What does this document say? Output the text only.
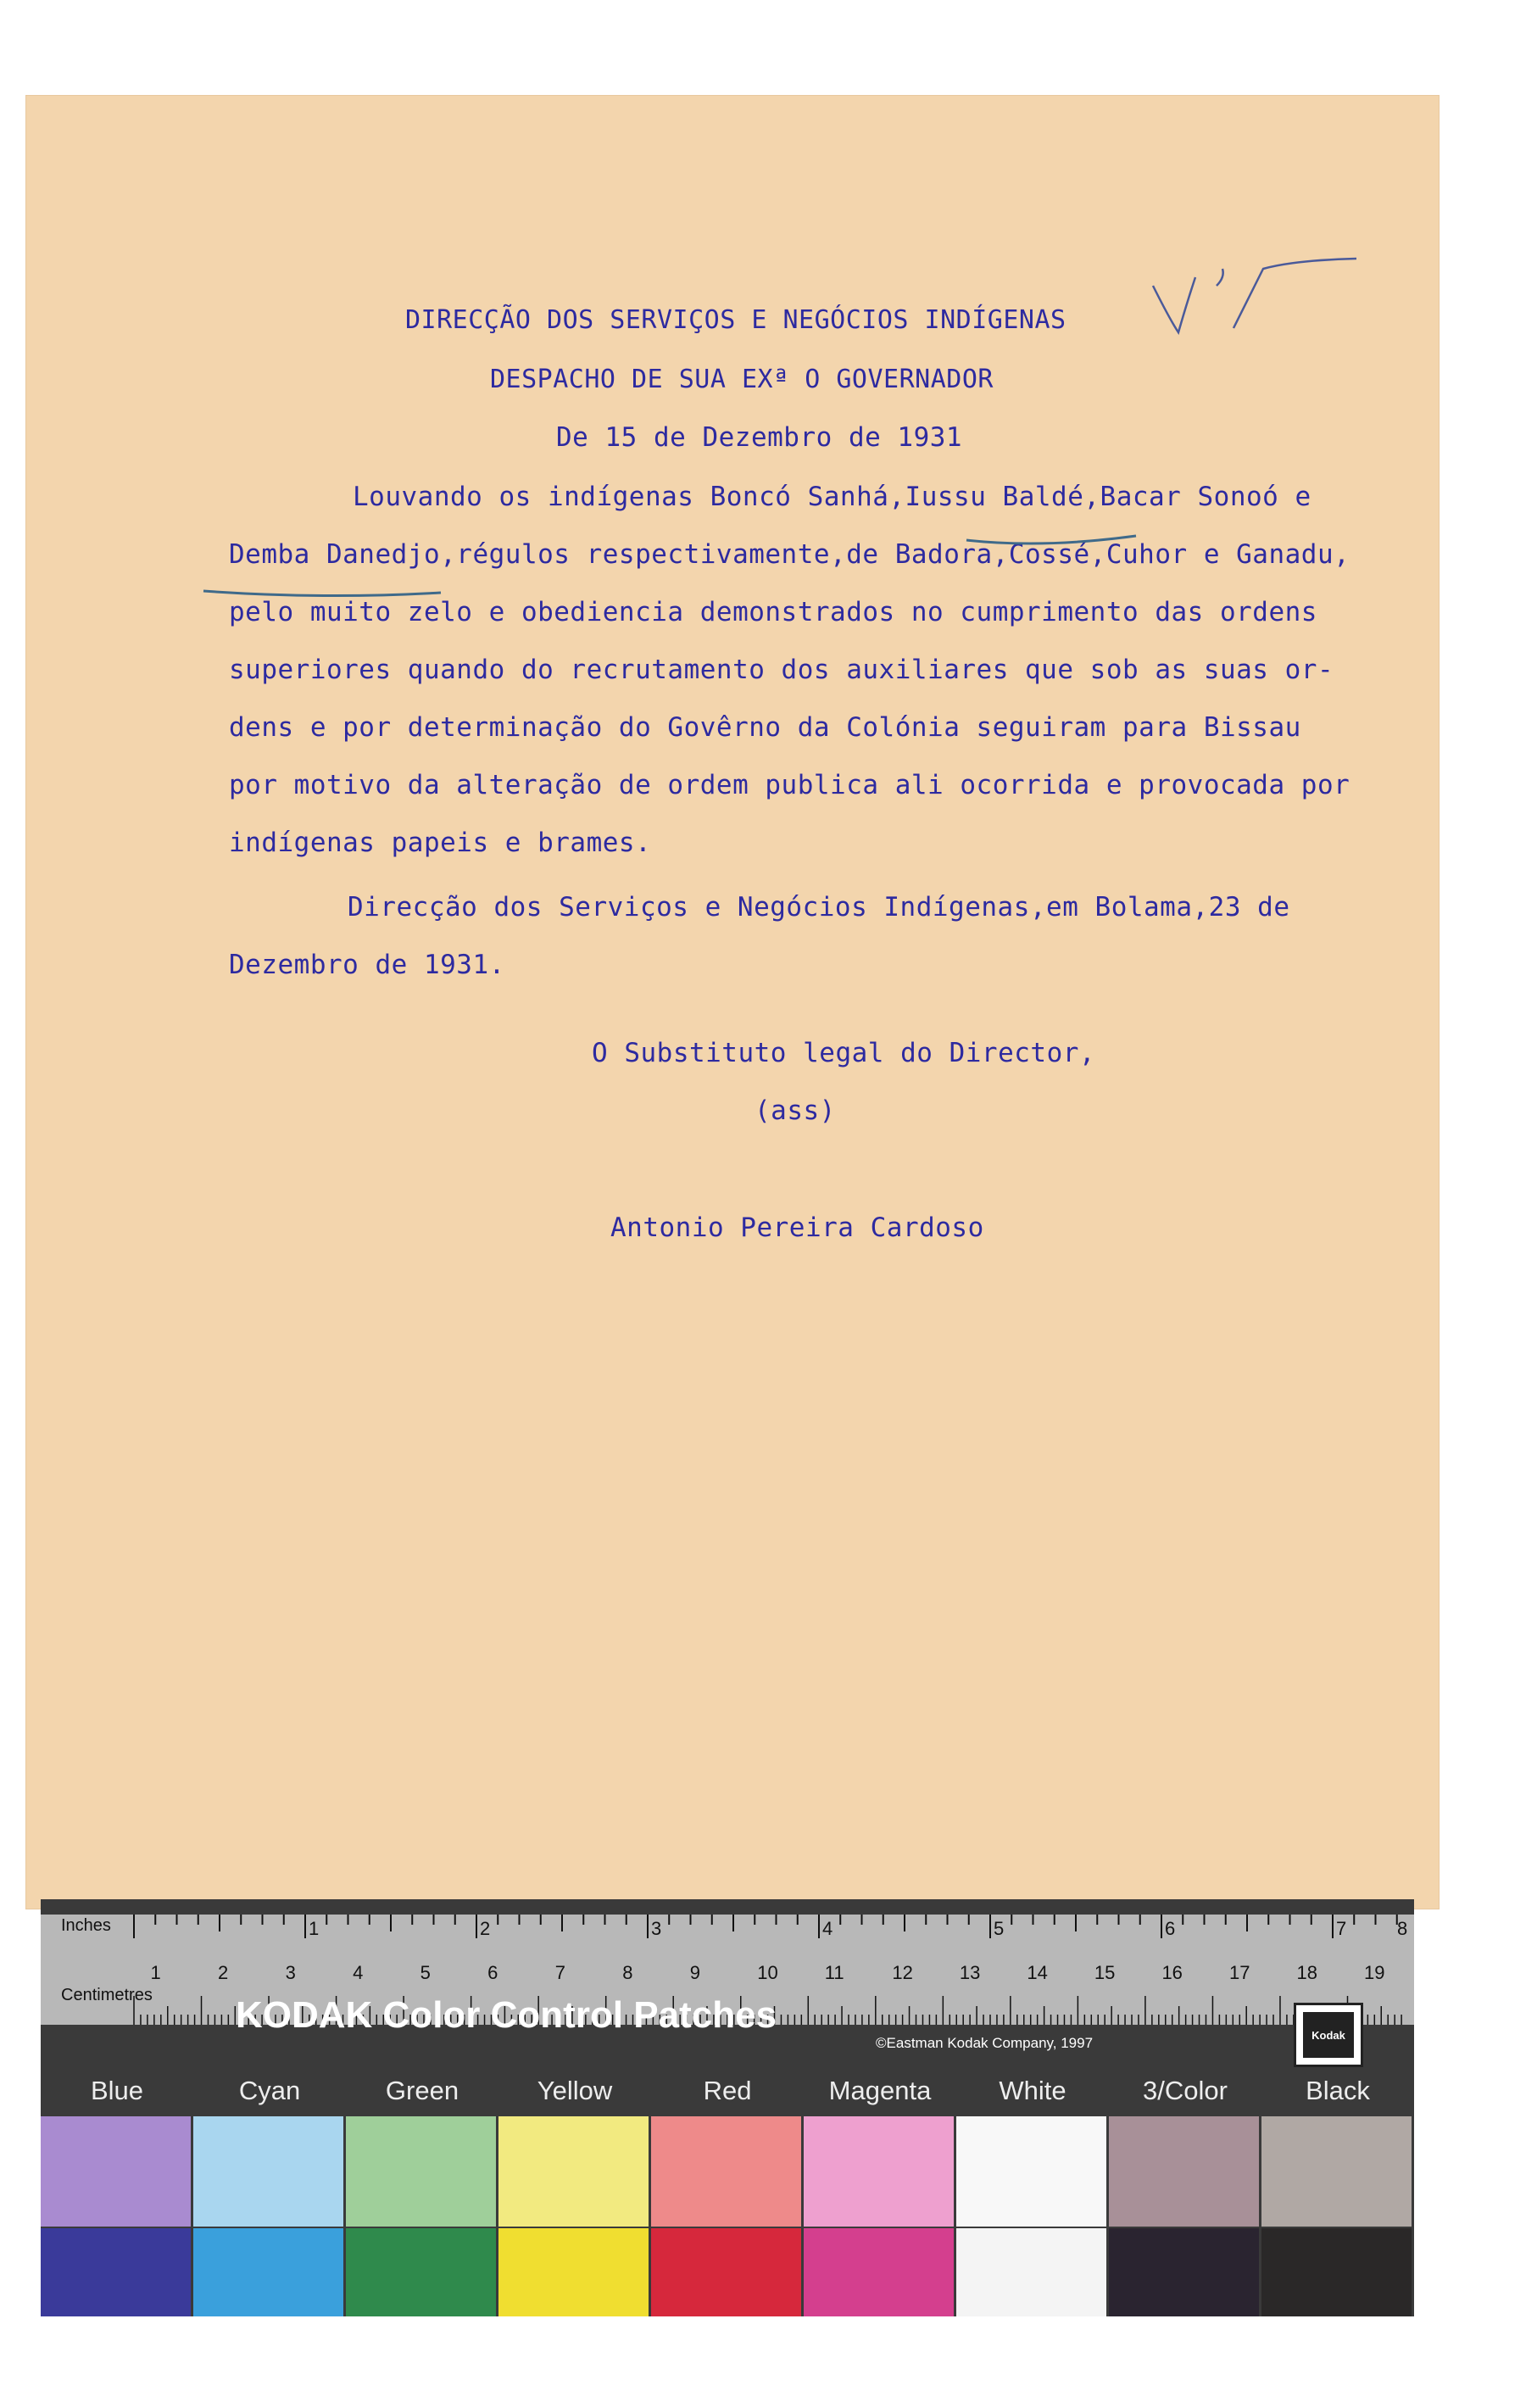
DIRECÇÃO DOS SERVIÇOS E NEGÓCIOS INDÍGENAS
DESPACHO DE SUA EXª O GOVERNADOR
De 15 de Dezembro de 1931
Louvando os indígenas Boncó Sanhá,Iussu Baldé,Bacar Sonoó e
Demba Danedjo,régulos respectivamente,de Badora,Cossé,Cuhor e Ganadu,
pelo muito zelo e obediencia demonstrados no cumprimento das ordens
superiores quando do recrutamento dos auxiliares que sob as suas or-
dens e por determinação do Govêrno da Colónia seguiram para Bissau
por motivo da alteração de ordem publica ali ocorrida e provocada por
indígenas papeis e brames.
Direcção dos Serviços e Negócios Indígenas,em Bolama,23 de
Dezembro de 1931.
O Substituto legal do Director,
(ass)
Antonio Pereira Cardoso
Inches
Centimetres
1	2	3	4	5	6	7	8
1	2	3	4	5	6	7	8	9	10	11	12	13	14	15	16	17	18	19
KODAK Color Control Patches
©Eastman Kodak Company, 1997	Kodak
Blue	Cyan	Green	Yellow	Red	Magenta	White	3/Color	Black
